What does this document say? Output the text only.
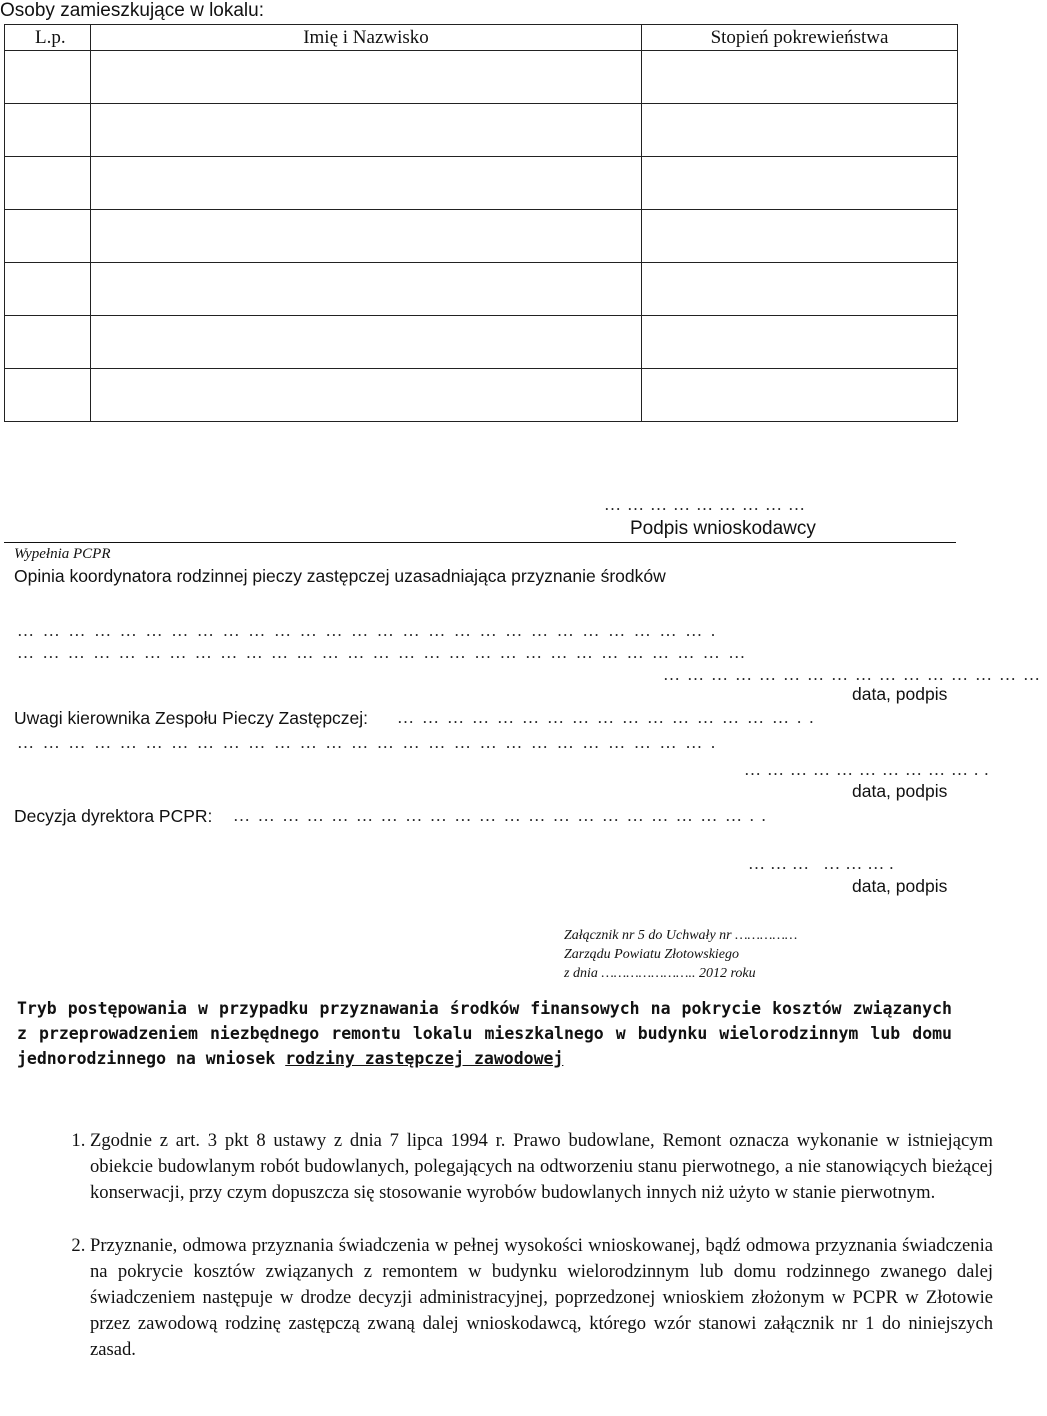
Osoby zamieszkujące w lokalu:
L.p.	Imię i Nazwisko	Stopień pokrewieństwa

………………………
Podpis wnioskodawcy
Wypełnia PCPR
Opinia koordynatora rodzinnej pieczy zastępczej uzasadniająca przyznanie środków
……………………………………………………………………….
……………………………………………………………………………
…………………………………………
data, podpis
Uwagi kierownika Zespołu Pieczy Zastępczej: …………………………………………..
……………………………………………………………………….
…………………………..
data, podpis
Decyzja dyrektora PCPR: ………………………………………………………..
……… ……….
data, podpis
Załącznik nr 5 do Uchwały nr ……………
Zarządu Powiatu Złotowskiego
z dnia ………………….. 2012 roku
Tryb postępowania w przypadku przyznawania środków finansowych na pokrycie kosztów związanych z przeprowadzeniem niezbędnego remontu lokalu mieszkalnego w budynku wielorodzinnym lub domu jednorodzinnego na wniosek rodziny zastępczej zawodowej
1. Zgodnie z art. 3 pkt 8 ustawy z dnia 7 lipca 1994 r. Prawo budowlane, Remont oznacza wykonanie w istniejącym obiekcie budowlanym robót budowlanych, polegających na odtworzeniu stanu pierwotnego, a nie stanowiących bieżącej konserwacji, przy czym dopuszcza się stosowanie wyrobów budowlanych innych niż użyto w stanie pierwotnym.
2. Przyznanie, odmowa przyznania świadczenia w pełnej wysokości wnioskowanej, bądź odmowa przyznania świadczenia na pokrycie kosztów związanych z remontem w budynku wielorodzinnym lub domu rodzinnego zwanego dalej świadczeniem następuje w drodze decyzji administracyjnej, poprzedzonej wnioskiem złożonym w PCPR w Złotowie przez zawodową rodzinę zastępczą zwaną dalej wnioskodawcą, którego wzór stanowi załącznik nr 1 do niniejszych zasad.
